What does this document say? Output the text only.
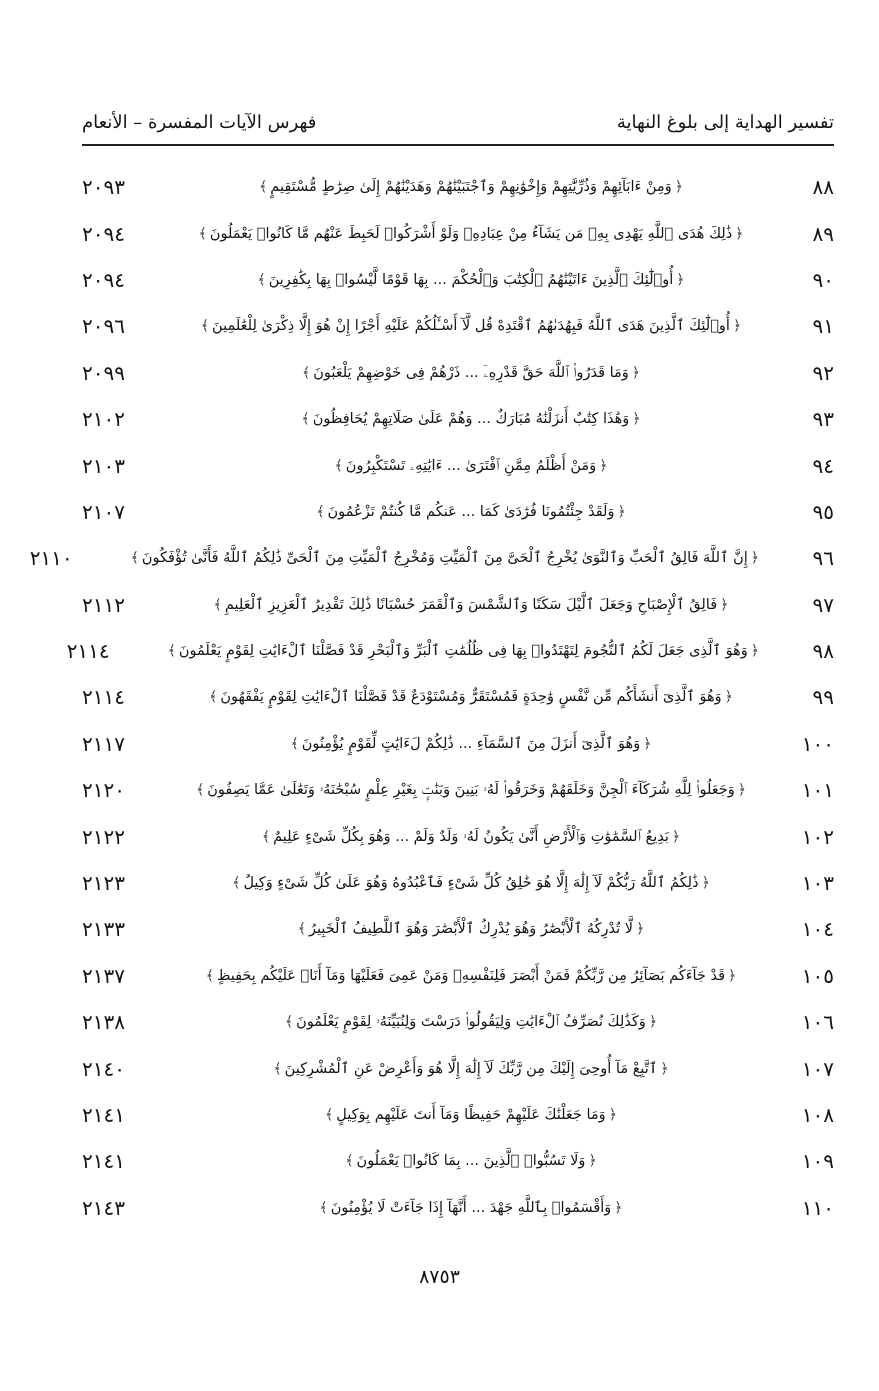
تفسير الهداية إلى بلوغ النهاية
فهرس الآيات المفسرة – الأنعام
٨٨
﴿وَمِنْ ءَابَآئِهِمْ وَذُرِّيَّٰتِهِمْ وَإِخْوَٰنِهِمْ وَٱجْتَبَيْنَٰهُمْ وَهَدَيْنَٰهُمْ إِلَىٰ صِرَٰطٍ مُّسْتَقِيمٍ﴾
٢٠٩٣
٨٩
﴿ذَٰلِكَ هُدَى ٱللَّهِ يَهْدِى بِهِۦ مَن يَشَآءُ مِنْ عِبَادِهِۦ وَلَوْ أَشْرَكُوا۟ لَحَبِطَ عَنْهُم مَّا كَانُوا۟ يَعْمَلُونَ﴾
٢٠٩٤
٩٠
﴿أُو۟لَٰٓئِكَ ٱلَّذِينَ ءَاتَيْنَٰهُمُ ٱلْكِتَٰبَ وَٱلْحُكْمَ ... بِهَا قَوْمًا لَّيْسُوا۟ بِهَا بِكَٰفِرِينَ﴾
٢٠٩٤
٩١
﴿أُو۟لَٰٓئِكَ ٱلَّذِينَ هَدَى ٱللَّهُ فَبِهُدَىٰهُمُ ٱقْتَدِهْ قُل لَّآ أَسْـَٔلُكُمْ عَلَيْهِ أَجْرًا إِنْ هُوَ إِلَّا ذِكْرَىٰ لِلْعَٰلَمِينَ﴾
٢٠٩٦
٩٢
﴿وَمَا قَدَرُوا۟ ٱللَّهَ حَقَّ قَدْرِهِۦٓ ... ذَرْهُمْ فِى خَوْضِهِمْ يَلْعَبُونَ﴾
٢٠٩٩
٩٣
﴿وَهَٰذَا كِتَٰبٌ أَنزَلْنَٰهُ مُبَارَكٌ ... وَهُمْ عَلَىٰ صَلَاتِهِمْ يُحَافِظُونَ﴾
٢١٠٢
٩٤
﴿وَمَنْ أَظْلَمُ مِمَّنِ ٱفْتَرَىٰ ... ءَايَٰتِهِۦ تَسْتَكْبِرُونَ﴾
٢١٠٣
٩٥
﴿وَلَقَدْ جِئْتُمُونَا فُرَٰدَىٰ كَمَا ... عَنكُم مَّا كُنتُمْ تَزْعُمُونَ﴾
٢١٠٧
٩٦
﴿إِنَّ ٱللَّهَ فَالِقُ ٱلْحَبِّ وَٱلنَّوَىٰ يُخْرِجُ ٱلْحَىَّ مِنَ ٱلْمَيِّتِ وَمُخْرِجُ ٱلْمَيِّتِ مِنَ ٱلْحَىِّ ذَٰلِكُمُ ٱللَّهُ فَأَنَّىٰ تُؤْفَكُونَ﴾
٢١١٠
٩٧
﴿فَالِقُ ٱلْإِصْبَاحِ وَجَعَلَ ٱلَّيْلَ سَكَنًا وَٱلشَّمْسَ وَٱلْقَمَرَ حُسْبَانًا ذَٰلِكَ تَقْدِيرُ ٱلْعَزِيزِ ٱلْعَلِيمِ﴾
٢١١٢
٩٨
﴿وَهُوَ ٱلَّذِى جَعَلَ لَكُمُ ٱلنُّجُومَ لِتَهْتَدُوا۟ بِهَا فِى ظُلُمَٰتِ ٱلْبَرِّ وَٱلْبَحْرِ قَدْ فَصَّلْنَا ٱلْءَايَٰتِ لِقَوْمٍ يَعْلَمُونَ﴾
٢١١٤
٩٩
﴿وَهُوَ ٱلَّذِىٓ أَنشَأَكُم مِّن نَّفْسٍ وَٰحِدَةٍ فَمُسْتَقَرٌّ وَمُسْتَوْدَعٌ قَدْ فَصَّلْنَا ٱلْءَايَٰتِ لِقَوْمٍ يَفْقَهُونَ﴾
٢١١٤
١٠٠
﴿وَهُوَ ٱلَّذِىٓ أَنزَلَ مِنَ ٱلسَّمَآءِ ... ذَٰلِكُمْ لَءَايَٰتٍ لِّقَوْمٍ يُؤْمِنُونَ﴾
٢١١٧
١٠١
﴿وَجَعَلُوا۟ لِلَّهِ شُرَكَآءَ ٱلْجِنَّ وَخَلَقَهُمْ وَخَرَقُوا۟ لَهُۥ بَنِينَ وَبَنَٰتٍۭ بِغَيْرِ عِلْمٍ سُبْحَٰنَهُۥ وَتَعَٰلَىٰ عَمَّا يَصِفُونَ﴾
٢١٢٠
١٠٢
﴿بَدِيعُ ٱلسَّمَٰوَٰتِ وَٱلْأَرْضِ أَنَّىٰ يَكُونُ لَهُۥ وَلَدٌ وَلَمْ ... وَهُوَ بِكُلِّ شَىْءٍ عَلِيمٌ﴾
٢١٢٢
١٠٣
﴿ذَٰلِكُمُ ٱللَّهُ رَبُّكُمْ لَآ إِلَٰهَ إِلَّا هُوَ خَٰلِقُ كُلِّ شَىْءٍ فَٱعْبُدُوهُ وَهُوَ عَلَىٰ كُلِّ شَىْءٍ وَكِيلٌ﴾
٢١٢٣
١٠٤
﴿لَّا تُدْرِكُهُ ٱلْأَبْصَٰرُ وَهُوَ يُدْرِكُ ٱلْأَبْصَٰرَ وَهُوَ ٱللَّطِيفُ ٱلْخَبِيرُ﴾
٢١٣٣
١٠٥
﴿قَدْ جَآءَكُم بَصَآئِرُ مِن رَّبِّكُمْ فَمَنْ أَبْصَرَ فَلِنَفْسِهِۦ وَمَنْ عَمِىَ فَعَلَيْهَا وَمَآ أَنَا۠ عَلَيْكُم بِحَفِيظٍ﴾
٢١٣٧
١٠٦
﴿وَكَذَٰلِكَ نُصَرِّفُ ٱلْءَايَٰتِ وَلِيَقُولُوا۟ دَرَسْتَ وَلِنُبَيِّنَهُۥ لِقَوْمٍ يَعْلَمُونَ﴾
٢١٣٨
١٠٧
﴿ٱتَّبِعْ مَآ أُوحِىَ إِلَيْكَ مِن رَّبِّكَ لَآ إِلَٰهَ إِلَّا هُوَ وَأَعْرِضْ عَنِ ٱلْمُشْرِكِينَ﴾
٢١٤٠
١٠٨
﴿وَمَا جَعَلْنَٰكَ عَلَيْهِمْ حَفِيظًا وَمَآ أَنتَ عَلَيْهِم بِوَكِيلٍ﴾
٢١٤١
١٠٩
﴿وَلَا تَسُبُّوا۟ ٱلَّذِينَ ... بِمَا كَانُوا۟ يَعْمَلُونَ﴾
٢١٤١
١١٠
﴿وَأَقْسَمُوا۟ بِٱللَّهِ جَهْدَ ... أَنَّهَآ إِذَا جَآءَتْ لَا يُؤْمِنُونَ﴾
٢١٤٣
٨٧٥٣
